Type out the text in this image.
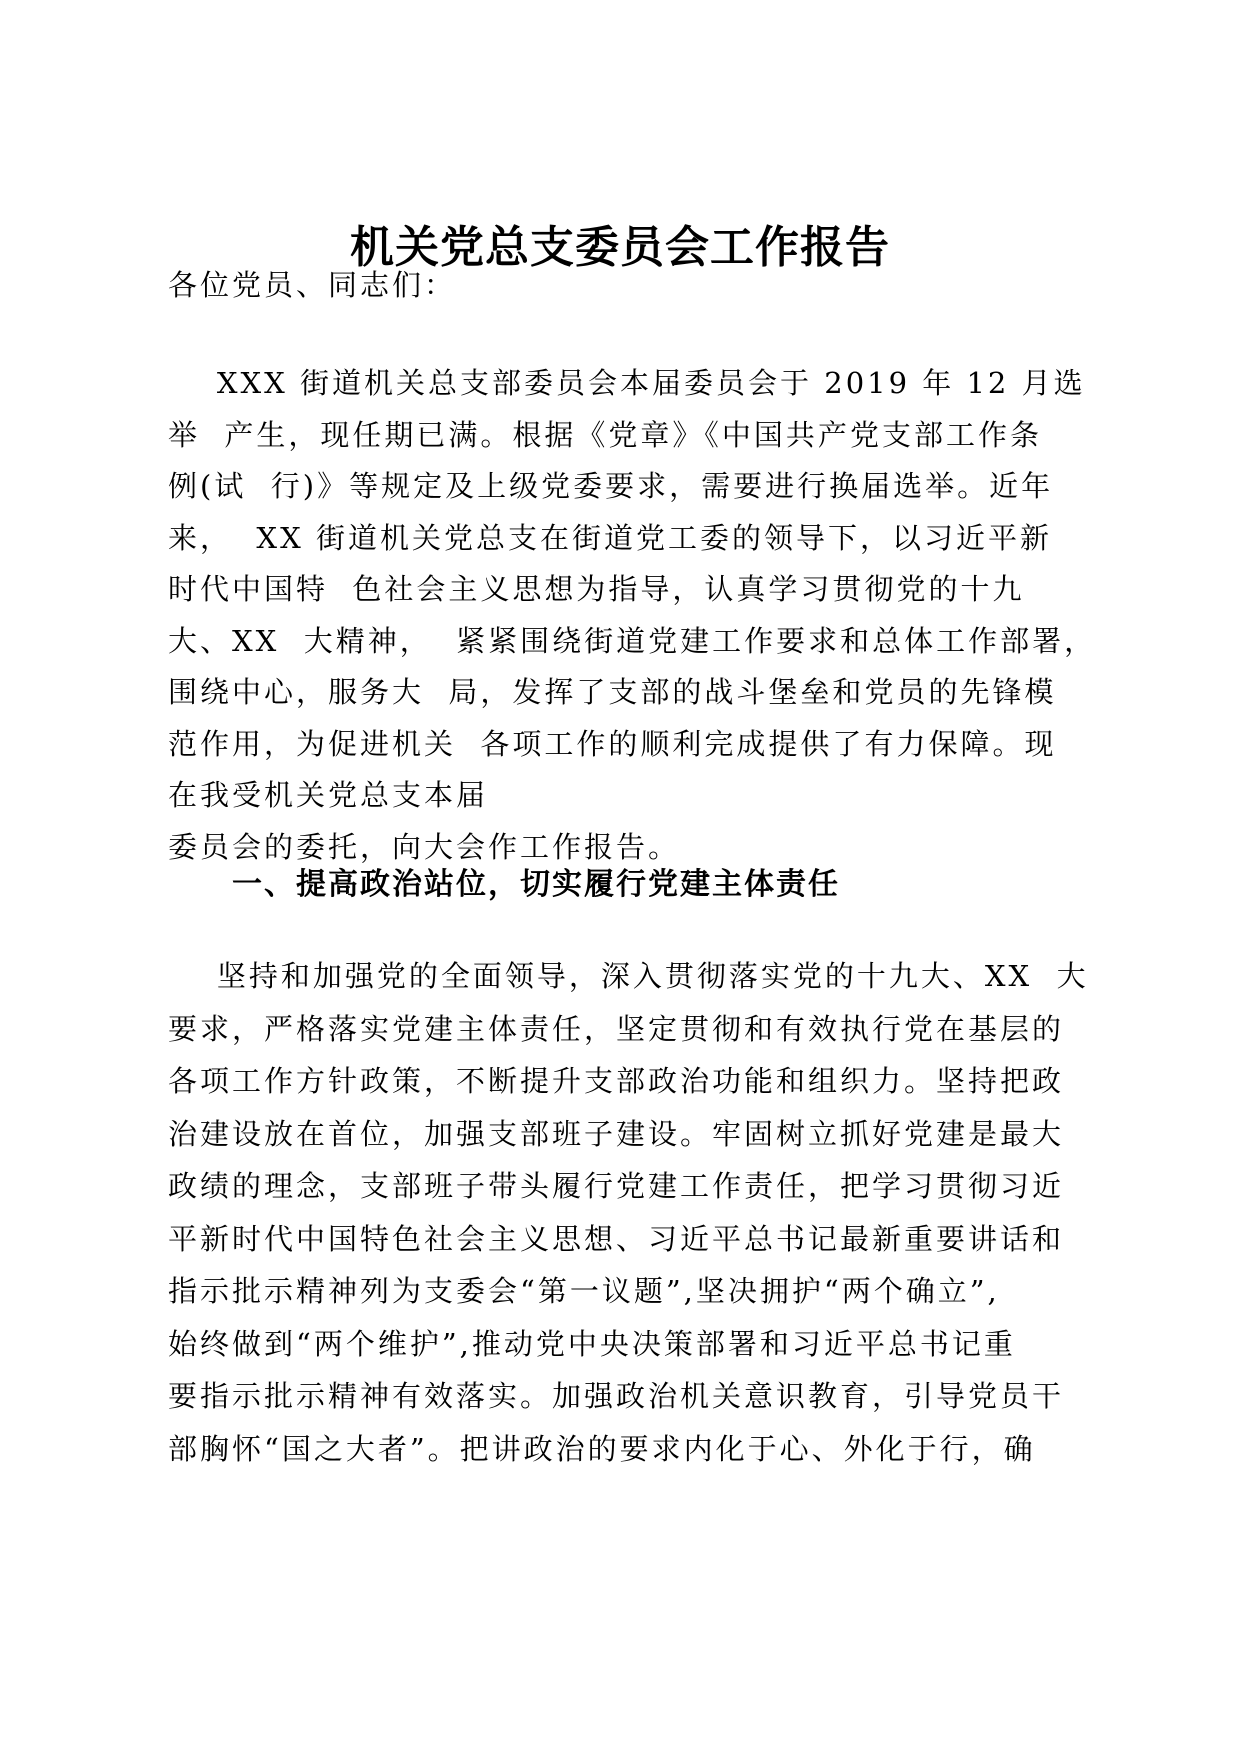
机关党总支委员会工作报告

各位党员、同志们：

XXX 街道机关总支部委员会本届委员会于 2019 年 12 月选
举  产生，现任期已满。根据《党章》《中国共产党支部工作条
例(试  行)》等规定及上级党委要求，需要进行换届选举。近年
来，  XX 街道机关党总支在街道党工委的领导下，以习近平新
时代中国特  色社会主义思想为指导，认真学习贯彻党的十九
大、XX  大精神，  紧紧围绕街道党建工作要求和总体工作部署，
围绕中心，服务大  局，发挥了支部的战斗堡垒和党员的先锋模
范作用，为促进机关  各项工作的顺利完成提供了有力保障。现
在我受机关党总支本届
委员会的委托，向大会作工作报告。
一、提高政治站位，切实履行党建主体责任
坚持和加强党的全面领导，深入贯彻落实党的十九大、XX  大
要求，严格落实党建主体责任，坚定贯彻和有效执行党在基层的
各项工作方针政策，不断提升支部政治功能和组织力。坚持把政
治建设放在首位，加强支部班子建设。牢固树立抓好党建是最大
政绩的理念，支部班子带头履行党建工作责任，把学习贯彻习近
平新时代中国特色社会主义思想、习近平总书记最新重要讲话和
指示批示精神列为支委会“第一议题”,坚决拥护“两个确立”,
始终做到“两个维护”,推动党中央决策部署和习近平总书记重
要指示批示精神有效落实。加强政治机关意识教育，引导党员干
部胸怀“国之大者”。把讲政治的要求内化于心、外化于行，确
